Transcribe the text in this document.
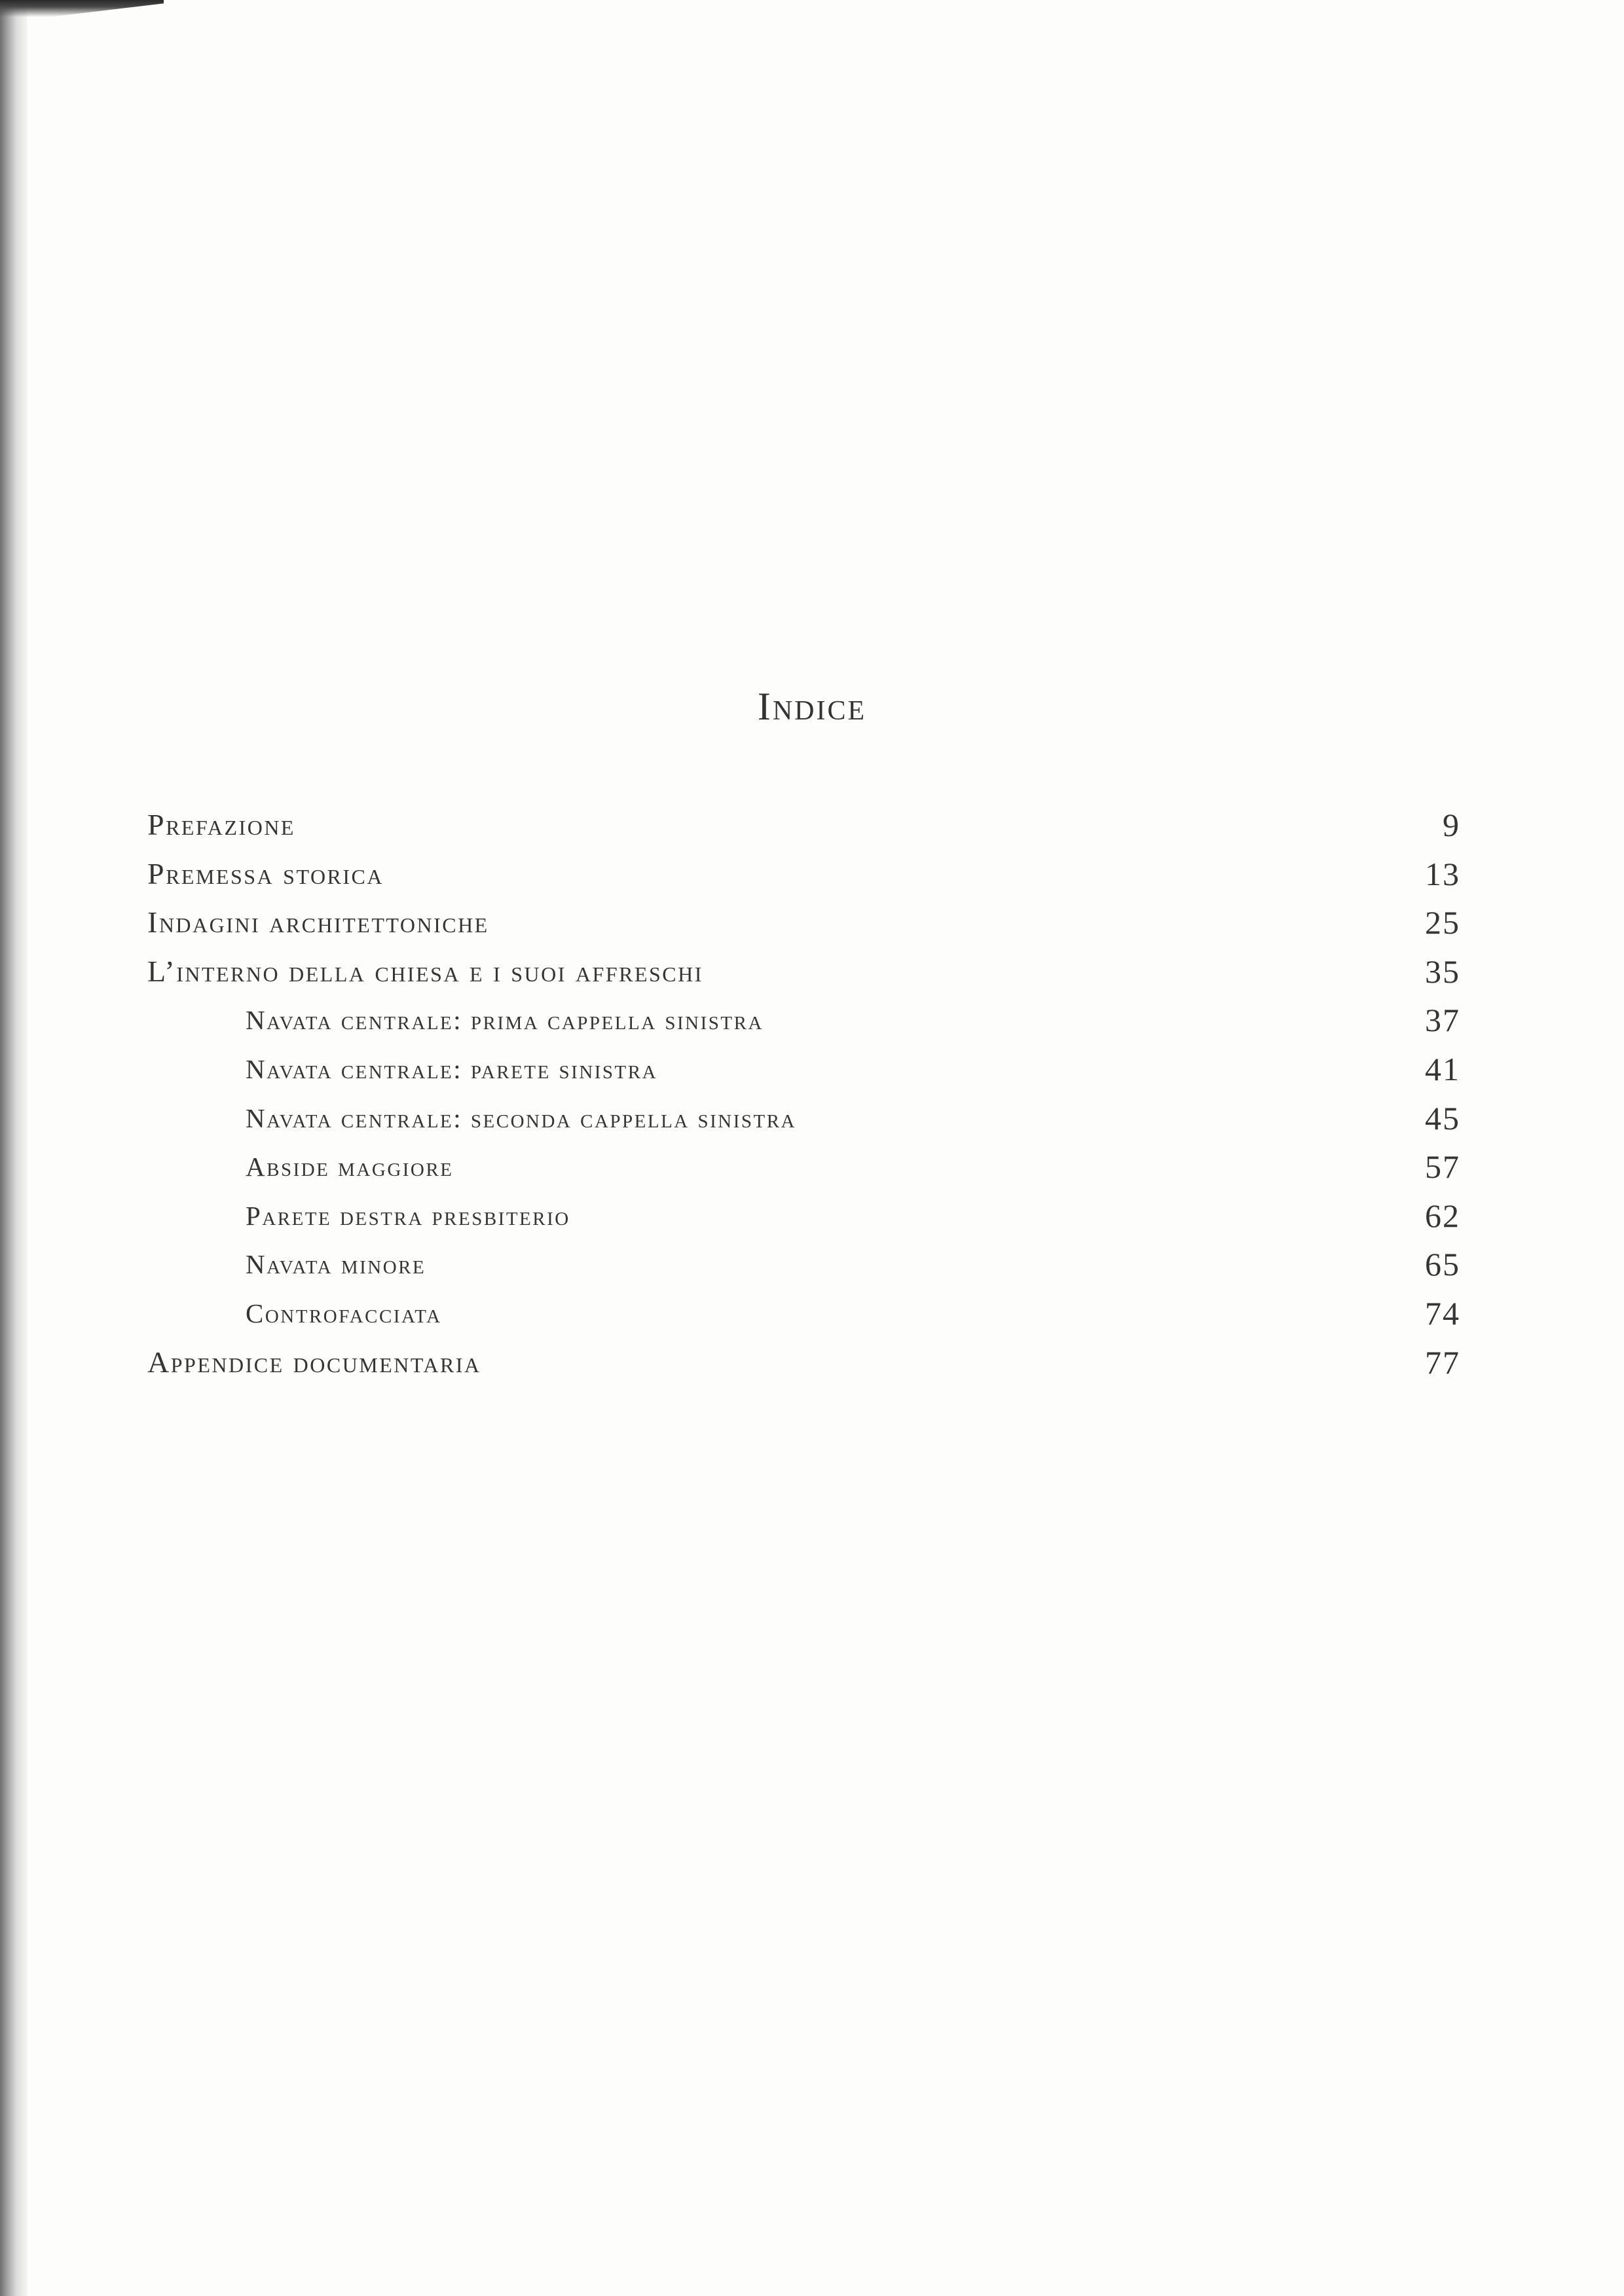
Indice
Prefazione	9
Premessa storica	13
Indagini architettoniche	25
L’interno della chiesa e i suoi affreschi	35
Navata centrale: prima cappella sinistra	37
Navata centrale: parete sinistra	41
Navata centrale: seconda cappella sinistra	45
Abside maggiore	57
Parete destra presbiterio	62
Navata minore	65
Controfacciata	74
Appendice documentaria	77
